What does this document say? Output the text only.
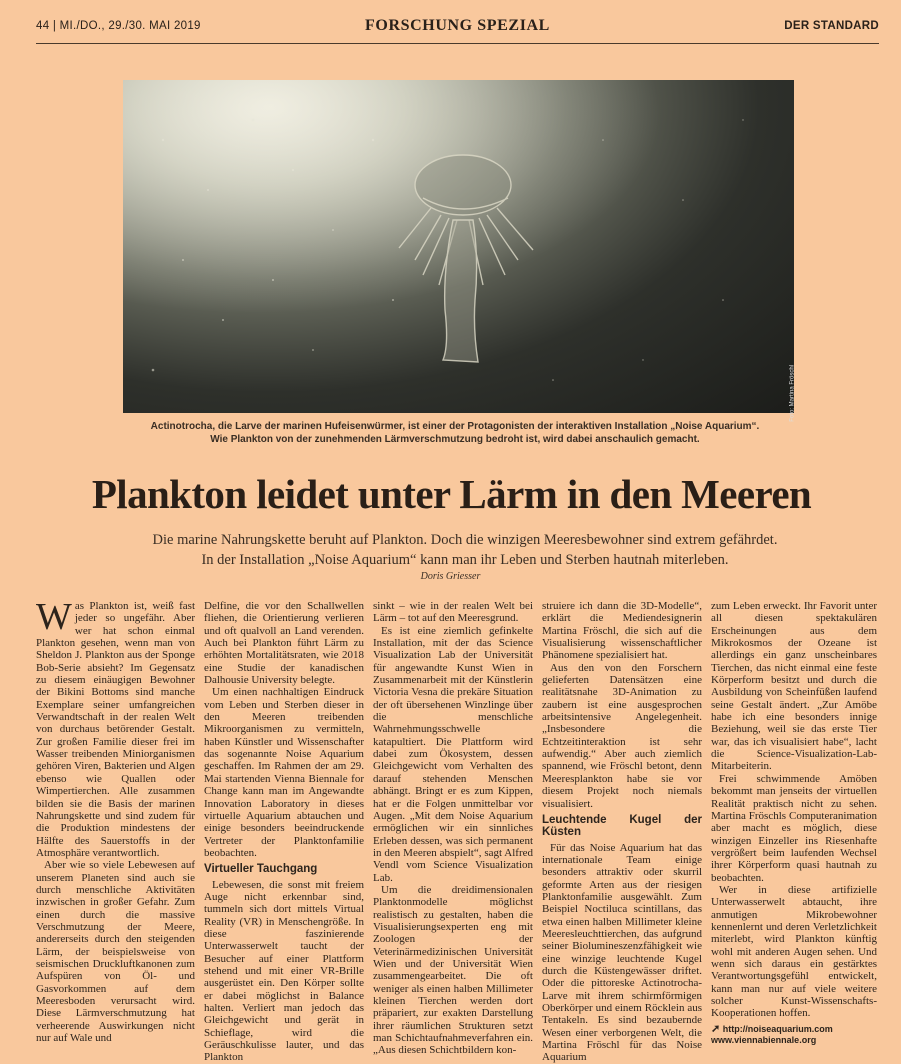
44 | MI./DO., 29./30. MAI 2019	FORSCHUNG SPEZIAL	DER STANDARD
Foto: Martina Fröschl
Actinotrocha, die Larve der marinen Hufeisenwürmer, ist einer der Protagonisten der interaktiven Installation „Noise Aquarium“.
Wie Plankton von der zunehmenden Lärmverschmutzung bedroht ist, wird dabei anschaulich gemacht.
Plankton leidet unter Lärm in den Meeren
Die marine Nahrungskette beruht auf Plankton. Doch die winzigen Meeresbewohner sind extrem gefährdet. In der Installation „Noise Aquarium“ kann man ihr Leben und Sterben hautnah miterleben.
Doris Griesser

Was Plankton ist, weiß fast jeder so ungefähr. Aber wer hat schon einmal Plankton gesehen, wenn man von Sheldon J. Plankton aus der Sponge Bob-Serie absieht? Im Gegensatz zu diesem einäugigen Bewohner der Bikini Bottoms sind manche Exemplare seiner umfangreichen Verwandtschaft in der realen Welt von durchaus betörender Gestalt. Zur großen Familie dieser frei im Wasser treibenden Miniorganismen gehören Viren, Bakterien und Algen ebenso wie Quallen oder Wimpertierchen. Alle zusammen bilden sie die Basis der marinen Nahrungskette und sind zudem für die Produktion mindestens der Hälfte des Sauerstoffs in der Atmosphäre verantwortlich.

Aber wie so viele Lebewesen auf unserem Planeten sind auch sie durch menschliche Aktivitäten inzwischen in großer Gefahr. Zum einen durch die massive Verschmutzung der Meere, andererseits durch den steigenden Lärm, der beispielsweise von seismischen Druckluftkanonen zum Aufspüren von Öl- und Gasvorkommen auf dem Meeresboden verursacht wird. Diese Lärmverschmutzung hat verheerende Auswirkungen nicht nur auf Wale und

Delfine, die vor den Schallwellen fliehen, die Orientierung verlieren und oft qualvoll an Land verenden. Auch bei Plankton führt Lärm zu erhöhten Mortalitätsraten, wie 2018 eine Studie der kanadischen Dalhousie University belegte.

Um einen nachhaltigen Eindruck vom Leben und Sterben dieser in den Meeren treibenden Mikroorganismen zu vermitteln, haben Künstler und Wissenschafter das sogenannte Noise Aquarium geschaffen. Im Rahmen der am 29. Mai startenden Vienna Biennale for Change kann man im Angewandte Innovation Laboratory in dieses virtuelle Aquarium abtauchen und einige besonders beeindruckende Vertreter der Planktonfamilie beobachten.

Virtueller Tauchgang

Lebewesen, die sonst mit freiem Auge nicht erkennbar sind, tummeln sich dort mittels Virtual Reality (VR) in Menschengröße. In diese faszinierende Unterwasserwelt taucht der Besucher auf einer Plattform stehend und mit einer VR-Brille ausgerüstet ein. Den Körper sollte er dabei möglichst in Balance halten. Verliert man jedoch das Gleichgewicht und gerät in Schieflage, wird die Geräuschkulisse lauter, und das Plankton

sinkt – wie in der realen Welt bei Lärm – tot auf den Meeresgrund.

Es ist eine ziemlich gefinkelte Installation, mit der das Science Visualization Lab der Universität für angewandte Kunst Wien in Zusammenarbeit mit der Künstlerin Victoria Vesna die prekäre Situation der oft übersehenen Winzlinge über die menschliche Wahrnehmungsschwelle katapultiert. Die Plattform wird dabei zum Ökosystem, dessen Gleichgewicht vom Verhalten des darauf stehenden Menschen abhängt. Bringt er es zum Kippen, hat er die Folgen unmittelbar vor Augen. „Mit dem Noise Aquarium ermöglichen wir ein sinnliches Erleben dessen, was sich permanent in den Meeren abspielt“, sagt Alfred Vendl vom Science Visualization Lab.

Um die dreidimensionalen Planktonmodelle möglichst realistisch zu gestalten, haben die Visualisierungsexperten eng mit Zoologen der Veterinärmedizinischen Universität Wien und der Universität Wien zusammengearbeitet. Die oft weniger als einen halben Millimeter kleinen Tierchen werden dort präpariert, zur exakten Darstellung ihrer räumlichen Strukturen setzt man Schichtaufnahmeverfahren ein. „Aus diesen Schichtbildern kon-

struiere ich dann die 3D-Modelle“, erklärt die Mediendesignerin Martina Fröschl, die sich auf die Visualisierung wissenschaftlicher Phänomene spezialisiert hat.

Aus den von den Forschern gelieferten Datensätzen eine realitätsnahe 3D-Animation zu zaubern ist eine ausgesprochen arbeitsintensive Angelegenheit. „Insbesondere die Echtzeitinteraktion ist sehr aufwendig.“ Aber auch ziemlich spannend, wie Fröschl betont, denn Meeresplankton habe sie vor diesem Projekt noch niemals visualisiert.

Leuchtende Kugel der Küsten

Für das Noise Aquarium hat das internationale Team einige besonders attraktiv oder skurril geformte Arten aus der riesigen Planktonfamilie ausgewählt. Zum Beispiel Noctiluca scintillans, das etwa einen halben Millimeter kleine Meeresleuchttierchen, das aufgrund seiner Biolumineszenzfähigkeit wie eine winzige leuchtende Kugel durch die Küstengewässer driftet. Oder die pittoreske Actinotrocha-Larve mit ihrem schirmförmigen Oberkörper und einem Röcklein aus Tentakeln. Es sind bezaubernde Wesen einer verborgenen Welt, die Martina Fröschl für das Noise Aquarium

zum Leben erweckt. Ihr Favorit unter all diesen spektakulären Erscheinungen aus dem Mikrokosmos der Ozeane ist allerdings ein ganz unscheinbares Tierchen, das nicht einmal eine feste Körperform besitzt und durch die Ausbildung von Scheinfüßen laufend seine Gestalt ändert. „Zur Amöbe habe ich eine besonders innige Beziehung, weil sie das erste Tier war, das ich visualisiert habe“, lacht die Science-Visualization-Lab-Mitarbeiterin.

Frei schwimmende Amöben bekommt man jenseits der virtuellen Realität praktisch nicht zu sehen. Martina Fröschls Computeranimation aber macht es möglich, diese winzigen Einzeller ins Riesenhafte vergrößert beim laufenden Wechsel ihrer Körperform quasi hautnah zu beobachten.

Wer in diese artifizielle Unterwasserwelt abtaucht, ihre anmutigen Mikrobewohner kennenlernt und deren Verletzlichkeit miterlebt, wird Plankton künftig wohl mit anderen Augen sehen. Und wenn sich daraus ein gestärktes Verantwortungsgefühl entwickelt, kann man nur auf viele weitere solcher Kunst-Wissenschafts-Kooperationen hoffen.

➚ http://noiseaquarium.com
www.viennabiennale.org
